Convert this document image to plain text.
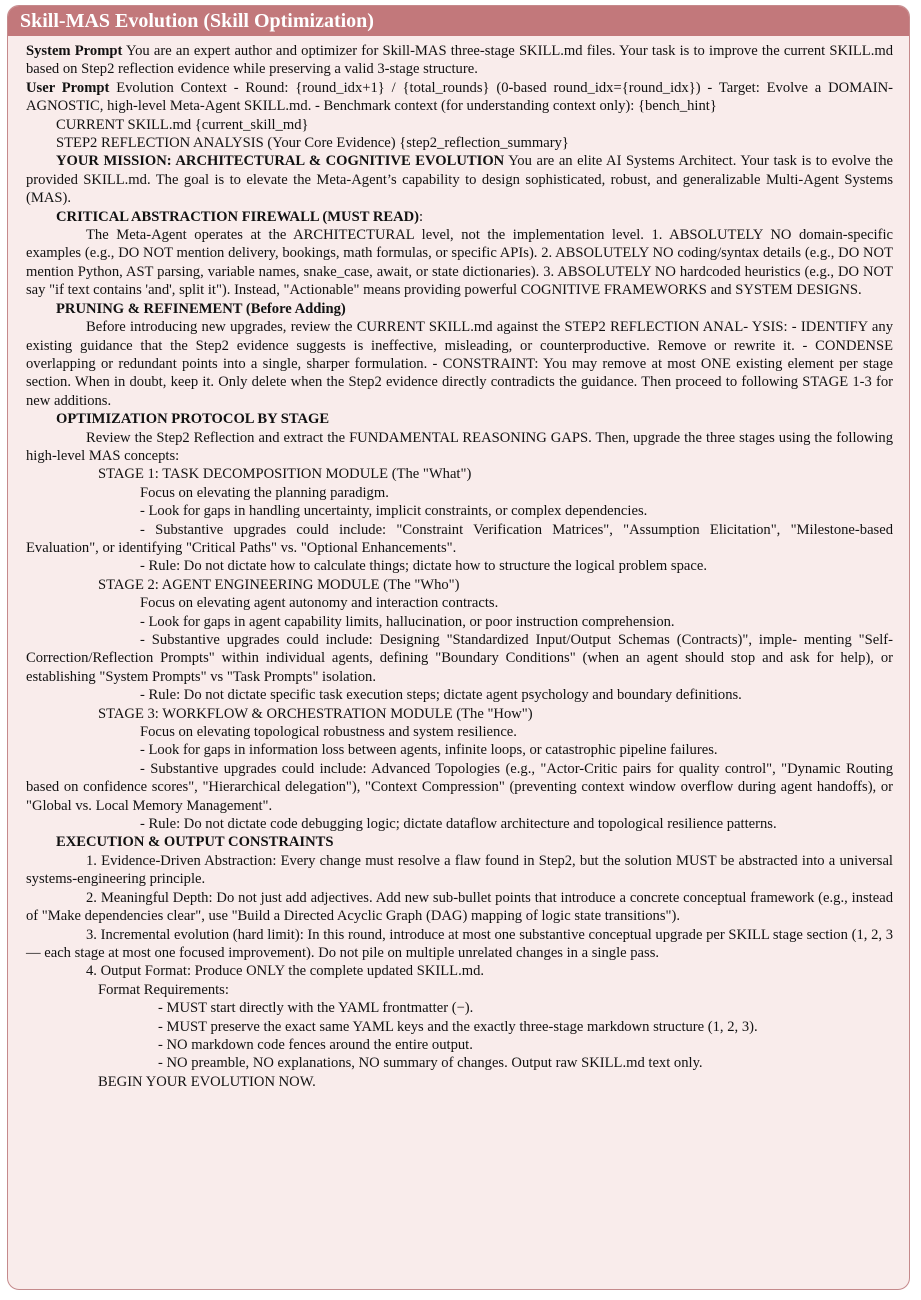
Skill-MAS Evolution (Skill Optimization)

System Prompt You are an expert author and optimizer for Skill-MAS three-stage SKILL.md files. Your task is to improve the current SKILL.md based on Step2 reflection evidence while preserving a valid 3-stage structure.

User Prompt Evolution Context - Round: {round_idx+1} / {total_rounds} (0-based round_idx={round_idx}) - Target: Evolve a DOMAIN-AGNOSTIC, high-level Meta-Agent SKILL.md. - Benchmark context (for understanding context only): {bench_hint}

CURRENT SKILL.md {current_skill_md}

STEP2 REFLECTION ANALYSIS (Your Core Evidence) {step2_reflection_summary}

YOUR MISSION: ARCHITECTURAL & COGNITIVE EVOLUTION You are an elite AI Systems Architect. Your task is to evolve the provided SKILL.md. The goal is to elevate the Meta-Agent’s capability to design sophisticated, robust, and generalizable Multi-Agent Systems (MAS).

CRITICAL ABSTRACTION FIREWALL (MUST READ):

The Meta-Agent operates at the ARCHITECTURAL level, not the implementation level. 1. ABSOLUTELY NO domain-specific examples (e.g., DO NOT mention delivery, bookings, math formulas, or specific APIs). 2. ABSOLUTELY NO coding/syntax details (e.g., DO NOT mention Python, AST parsing, variable names, snake_case, await, or state dictionaries). 3. ABSOLUTELY NO hardcoded heuristics (e.g., DO NOT say "if text contains 'and', split it"). Instead, "Actionable" means providing powerful COGNITIVE FRAMEWORKS and SYSTEM DESIGNS.

PRUNING & REFINEMENT (Before Adding)

Before introducing new upgrades, review the CURRENT SKILL.md against the STEP2 REFLECTION ANAL- YSIS: - IDENTIFY any existing guidance that the Step2 evidence suggests is ineffective, misleading, or counterproductive. Remove or rewrite it. - CONDENSE overlapping or redundant points into a single, sharper formulation. - CONSTRAINT: You may remove at most ONE existing element per stage section. When in doubt, keep it. Only delete when the Step2 evidence directly contradicts the guidance. Then proceed to following STAGE 1-3 for new additions.

OPTIMIZATION PROTOCOL BY STAGE

Review the Step2 Reflection and extract the FUNDAMENTAL REASONING GAPS. Then, upgrade the three stages using the following high-level MAS concepts:

STAGE 1: TASK DECOMPOSITION MODULE (The "What")

Focus on elevating the planning paradigm.

- Look for gaps in handling uncertainty, implicit constraints, or complex dependencies.

- Substantive upgrades could include: "Constraint Verification Matrices", "Assumption Elicitation", "Milestone-based Evaluation", or identifying "Critical Paths" vs. "Optional Enhancements".

- Rule: Do not dictate how to calculate things; dictate how to structure the logical problem space.

STAGE 2: AGENT ENGINEERING MODULE (The "Who")

Focus on elevating agent autonomy and interaction contracts.

- Look for gaps in agent capability limits, hallucination, or poor instruction comprehension.

- Substantive upgrades could include: Designing "Standardized Input/Output Schemas (Contracts)", imple- menting "Self-Correction/Reflection Prompts" within individual agents, defining "Boundary Conditions" (when an agent should stop and ask for help), or establishing "System Prompts" vs "Task Prompts" isolation.

- Rule: Do not dictate specific task execution steps; dictate agent psychology and boundary definitions.

STAGE 3: WORKFLOW & ORCHESTRATION MODULE (The "How")

Focus on elevating topological robustness and system resilience.

- Look for gaps in information loss between agents, infinite loops, or catastrophic pipeline failures.

- Substantive upgrades could include: Advanced Topologies (e.g., "Actor-Critic pairs for quality control", "Dynamic Routing based on confidence scores", "Hierarchical delegation"), "Context Compression" (preventing context window overflow during agent handoffs), or "Global vs. Local Memory Management".

- Rule: Do not dictate code debugging logic; dictate dataflow architecture and topological resilience patterns.

EXECUTION & OUTPUT CONSTRAINTS

1. Evidence-Driven Abstraction: Every change must resolve a flaw found in Step2, but the solution MUST be abstracted into a universal systems-engineering principle.

2. Meaningful Depth: Do not just add adjectives. Add new sub-bullet points that introduce a concrete conceptual framework (e.g., instead of "Make dependencies clear", use "Build a Directed Acyclic Graph (DAG) mapping of logic state transitions").

3. Incremental evolution (hard limit): In this round, introduce at most one substantive conceptual upgrade per SKILL stage section (1, 2, 3 — each stage at most one focused improvement). Do not pile on multiple unrelated changes in a single pass.

4. Output Format: Produce ONLY the complete updated SKILL.md.

Format Requirements:

- MUST start directly with the YAML frontmatter (−).

- MUST preserve the exact same YAML keys and the exactly three-stage markdown structure (1, 2, 3).

- NO markdown code fences around the entire output.

- NO preamble, NO explanations, NO summary of changes. Output raw SKILL.md text only.

BEGIN YOUR EVOLUTION NOW.
